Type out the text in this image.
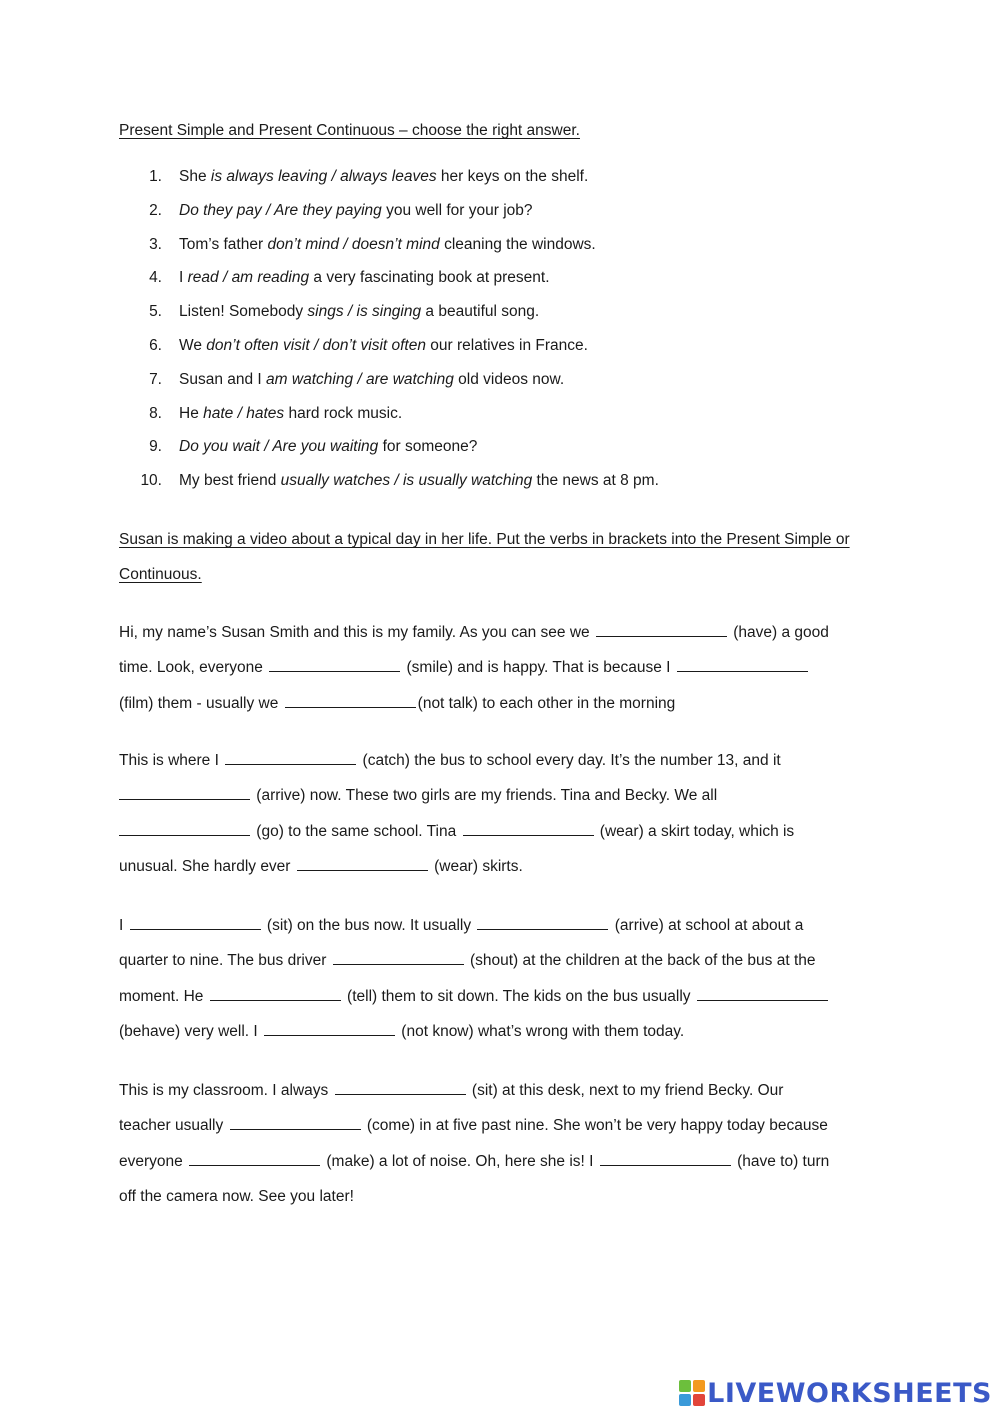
Present Simple and Present Continuous – choose the right answer.
1. She is always leaving / always leaves her keys on the shelf.
2. Do they pay / Are they paying you well for your job?
3. Tom’s father don’t mind / doesn’t mind cleaning the windows.
4. I read / am reading a very fascinating book at present.
5. Listen! Somebody sings / is singing a beautiful song.
6. We don’t often visit / don’t visit often our relatives in France.
7. Susan and I am watching / are watching old videos now.
8. He hate / hates hard rock music.
9. Do you wait / Are you waiting for someone?
10. My best friend usually watches / is usually watching the news at 8 pm.
Susan is making a video about a typical day in her life. Put the verbs in brackets into the Present Simple or Continuous.
Hi, my name’s Susan Smith and this is my family. As you can see we	(have) a good
time. Look, everyone	(smile) and is happy. That is because I
(film) them - usually we	(not talk) to each other in the morning
This is where I	(catch) the bus to school every day. It’s the number 13, and it
(arrive) now. These two girls are my friends. Tina and Becky. We all
(go) to the same school. Tina	(wear) a skirt today, which is
unusual. She hardly ever	(wear) skirts.
I	(sit) on the bus now. It usually	(arrive) at school at about a
quarter to nine. The bus driver	(shout) at the children at the back of the bus at the
moment. He	(tell) them to sit down. The kids on the bus usually
(behave) very well. I	(not know) what’s wrong with them today.
This is my classroom. I always	(sit) at this desk, next to my friend Becky. Our
teacher usually	(come) in at five past nine. She won’t be very happy today because
everyone	(make) a lot of noise. Oh, here she is! I	(have to) turn
off the camera now. See you later!
LIVEWORKSHEETS
